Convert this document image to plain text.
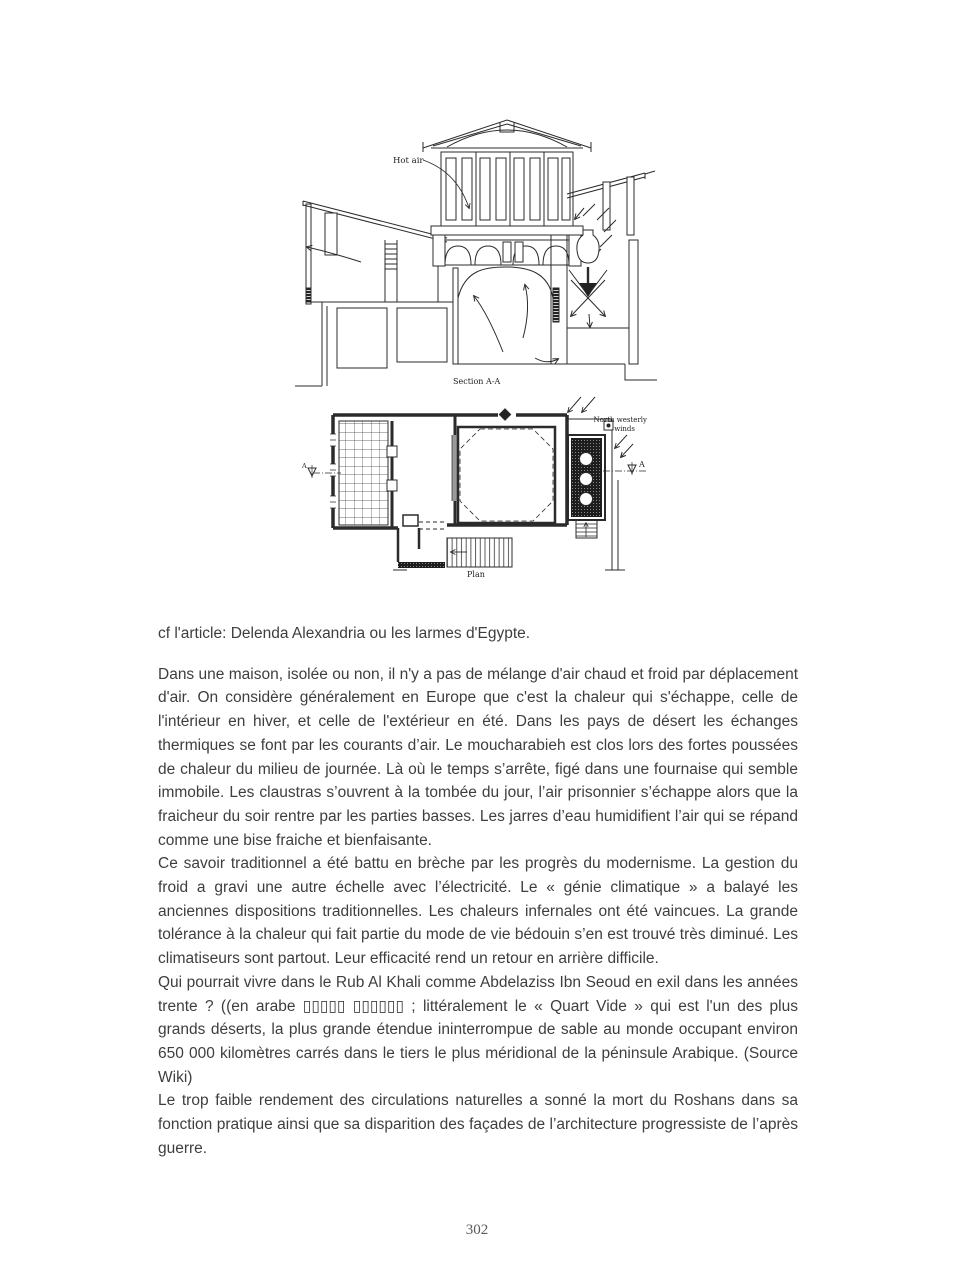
Hot air
Section A-A
North westerly
winds
A
A
Plan

cf l'article: Delenda Alexandria ou les larmes d'Egypte.

Dans une maison, isolée ou non, il n'y a pas de mélange d'air chaud et froid par déplacement d'air. On considère généralement en Europe que c'est la chaleur qui s'échappe, celle de l'intérieur en hiver, et celle de l'extérieur en été. Dans les pays de désert les échanges thermiques se font par les courants d’air. Le moucharabieh est clos lors des fortes poussées de chaleur du milieu de journée. Là où le temps s’arrête, figé dans une fournaise qui semble immobile. Les claustras s’ouvrent à la tombée du jour, l’air prisonnier s’échappe alors que la fraicheur du soir rentre par les parties basses. Les jarres d’eau humidifient l’air qui se répand comme une bise fraiche et bienfaisante.

Ce savoir traditionnel a été battu en brèche par les progrès du modernisme. La gestion du froid a gravi une autre échelle avec l’électricité. Le « génie climatique » a balayé les anciennes dispositions traditionnelles. Les chaleurs infernales ont été vaincues. La grande tolérance à la chaleur qui fait partie du mode de vie bédouin s’en est trouvé très diminué. Les climatiseurs sont partout. Leur efficacité rend un retour en arrière difficile.

Qui pourrait vivre dans le Rub Al Khali comme Abdelaziss Ibn Seoud en exil dans les années trente ? ((en arabe ▯▯▯▯▯ ▯▯▯▯▯▯ ; littéralement le « Quart Vide » qui est l'un des plus grands déserts, la plus grande étendue ininterrompue de sable au monde occupant environ 650 000 kilomètres carrés dans le tiers le plus méridional de la péninsule Arabique. (Source Wiki)

Le trop faible rendement des circulations naturelles a sonné la mort du Roshans dans sa fonction pratique ainsi que sa disparition des façades de l’architecture progressiste de l’après guerre.

302
